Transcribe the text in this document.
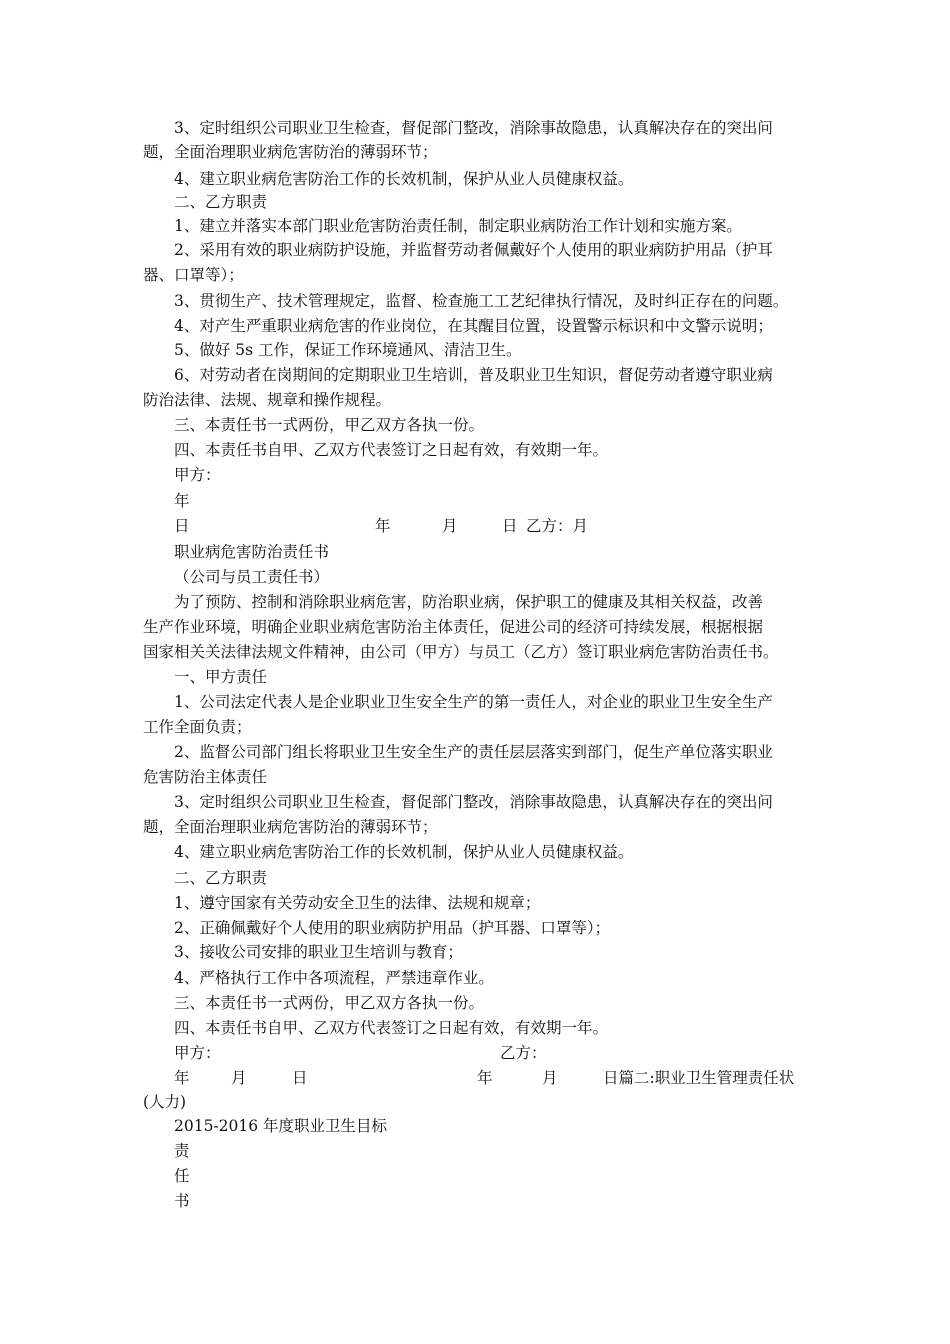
3、定时组织公司职业卫生检查，督促部门整改，消除事故隐患，认真解决存在的突出问
题，全面治理职业病危害防治的薄弱环节；
4、建立职业病危害防治工作的长效机制，保护从业人员健康权益。
二、乙方职责
1、建立并落实本部门职业危害防治责任制，制定职业病防治工作计划和实施方案。
2、采用有效的职业病防护设施，并监督劳动者佩戴好个人使用的职业病防护用品（护耳
器、口罩等）；
3、贯彻生产、技术管理规定，监督、检查施工工艺纪律执行情况，及时纠正存在的问题。
4、对产生严重职业病危害的作业岗位，在其醒目位置，设置警示标识和中文警示说明；
5、做好 5s 工作，保证工作环境通风、清洁卫生。
6、对劳动者在岗期间的定期职业卫生培训，普及职业卫生知识，督促劳动者遵守职业病
防治法律、法规、规章和操作规程。
三、本责任书一式两份，甲乙双方各执一份。
四、本责任书自甲、乙双方代表签订之日起有效，有效期一年。
甲方：
年
日	年	月	日 乙方：月
职业病危害防治责任书
（公司与员工责任书）
为了预防、控制和消除职业病危害，防治职业病，保护职工的健康及其相关权益，改善
生产作业环境，明确企业职业病危害防治主体责任，促进公司的经济可持续发展，根据根据
国家相关关法律法规文件精神，由公司（甲方）与员工（乙方）签订职业病危害防治责任书。
一、甲方责任
1、公司法定代表人是企业职业卫生安全生产的第一责任人，对企业的职业卫生安全生产
工作全面负责；
2、监督公司部门组长将职业卫生安全生产的责任层层落实到部门，促生产单位落实职业
危害防治主体责任
3、定时组织公司职业卫生检查，督促部门整改，消除事故隐患，认真解决存在的突出问
题，全面治理职业病危害防治的薄弱环节；
4、建立职业病危害防治工作的长效机制，保护从业人员健康权益。
二、乙方职责
1、遵守国家有关劳动安全卫生的法律、法规和规章；
2、正确佩戴好个人使用的职业病防护用品（护耳器、口罩等）；
3、接收公司安排的职业卫生培训与教育；
4、严格执行工作中各项流程，严禁违章作业。
三、本责任书一式两份，甲乙双方各执一份。
四、本责任书自甲、乙双方代表签订之日起有效，有效期一年。
甲方：	乙方：
年	月	日	年	月	日篇二:职业卫生管理责任状
(人力)
2015-2016 年度职业卫生目标
责
任
书
